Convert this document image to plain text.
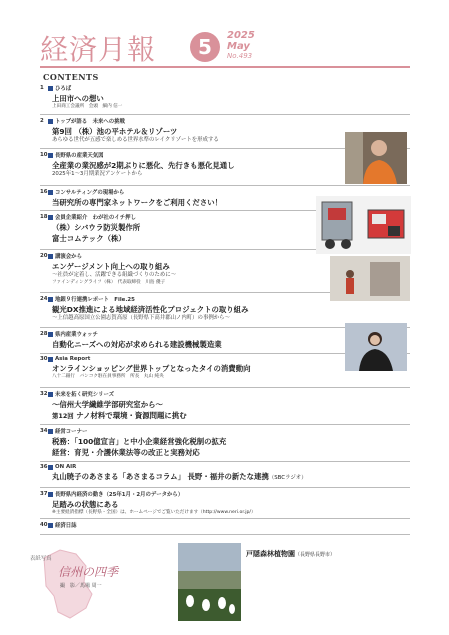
経済月報	5	2025
May
No.493
CONTENTS
1	ひろば
上田市への想い
上田商工会議所　会頭　細内 信一
2	トップが語る　未来への挑戦
第9回 （株）池の平ホテル＆リゾーツ
あらゆる世代が五感で楽しめる世界水準のレイクリゾートを形成する
10 長野県の産業天気図
全産業の業況感が2期ぶりに悪化、先行きも悪化見通し
2025年1～3月期業況アンケートから
16 コンサルティングの現場から
当研究所の専門家ネットワークをご利用ください！
18 会員企業紹介　わが社のイチ押し
（株）シバウラ防災製作所
富士コムテック（株）
20 講演会から
エンゲージメント向上への取り組み
～社員が定着し、活躍できる組織づくりのために～
ファインディングライフ（株）　代表取締役　川島 優子
24 地銀９行連携レポート　File.25
観光DX推進による地域経済活性化プロジェクトの取り組み
～上信越高原国立公園志賀高原（長野県下高井郡山ノ内町）の事例から～
28 県内産業ウォッチ
自動化ニーズへの対応が求められる建設機械製造業
30 Asia Report
オンラインショッピング世界トップとなったタイの消費動向
八十二銀行　バンコク駐在員事務所　所長　丸山 純央
32 未来を拓く研究シリーズ
～信州大学繊維学部研究室から～
第12回 ナノ材料で環境・資源問題に挑む
34 経営コーナー
税務：「100億宣言」と中小企業経営強化税制の拡充
経営：育児・介護休業法等の改正と実務対応
36 ON AIR
丸山暁子のあさまる「あさまるコラム」 長野・福井の新たな連携（SBCラジオ）
37 長野県内経済の動き（25年1月・2月のデータから）
足踏みの状態にある
※主要経済指標（長野県・全国）は、ホームページでご覧いただけます（http://www.neri.or.jp/）
40 経済日誌
表紙写真
信州の四季
撮　影／馬場 周一
戸隠森林植物園（長野県長野市）
